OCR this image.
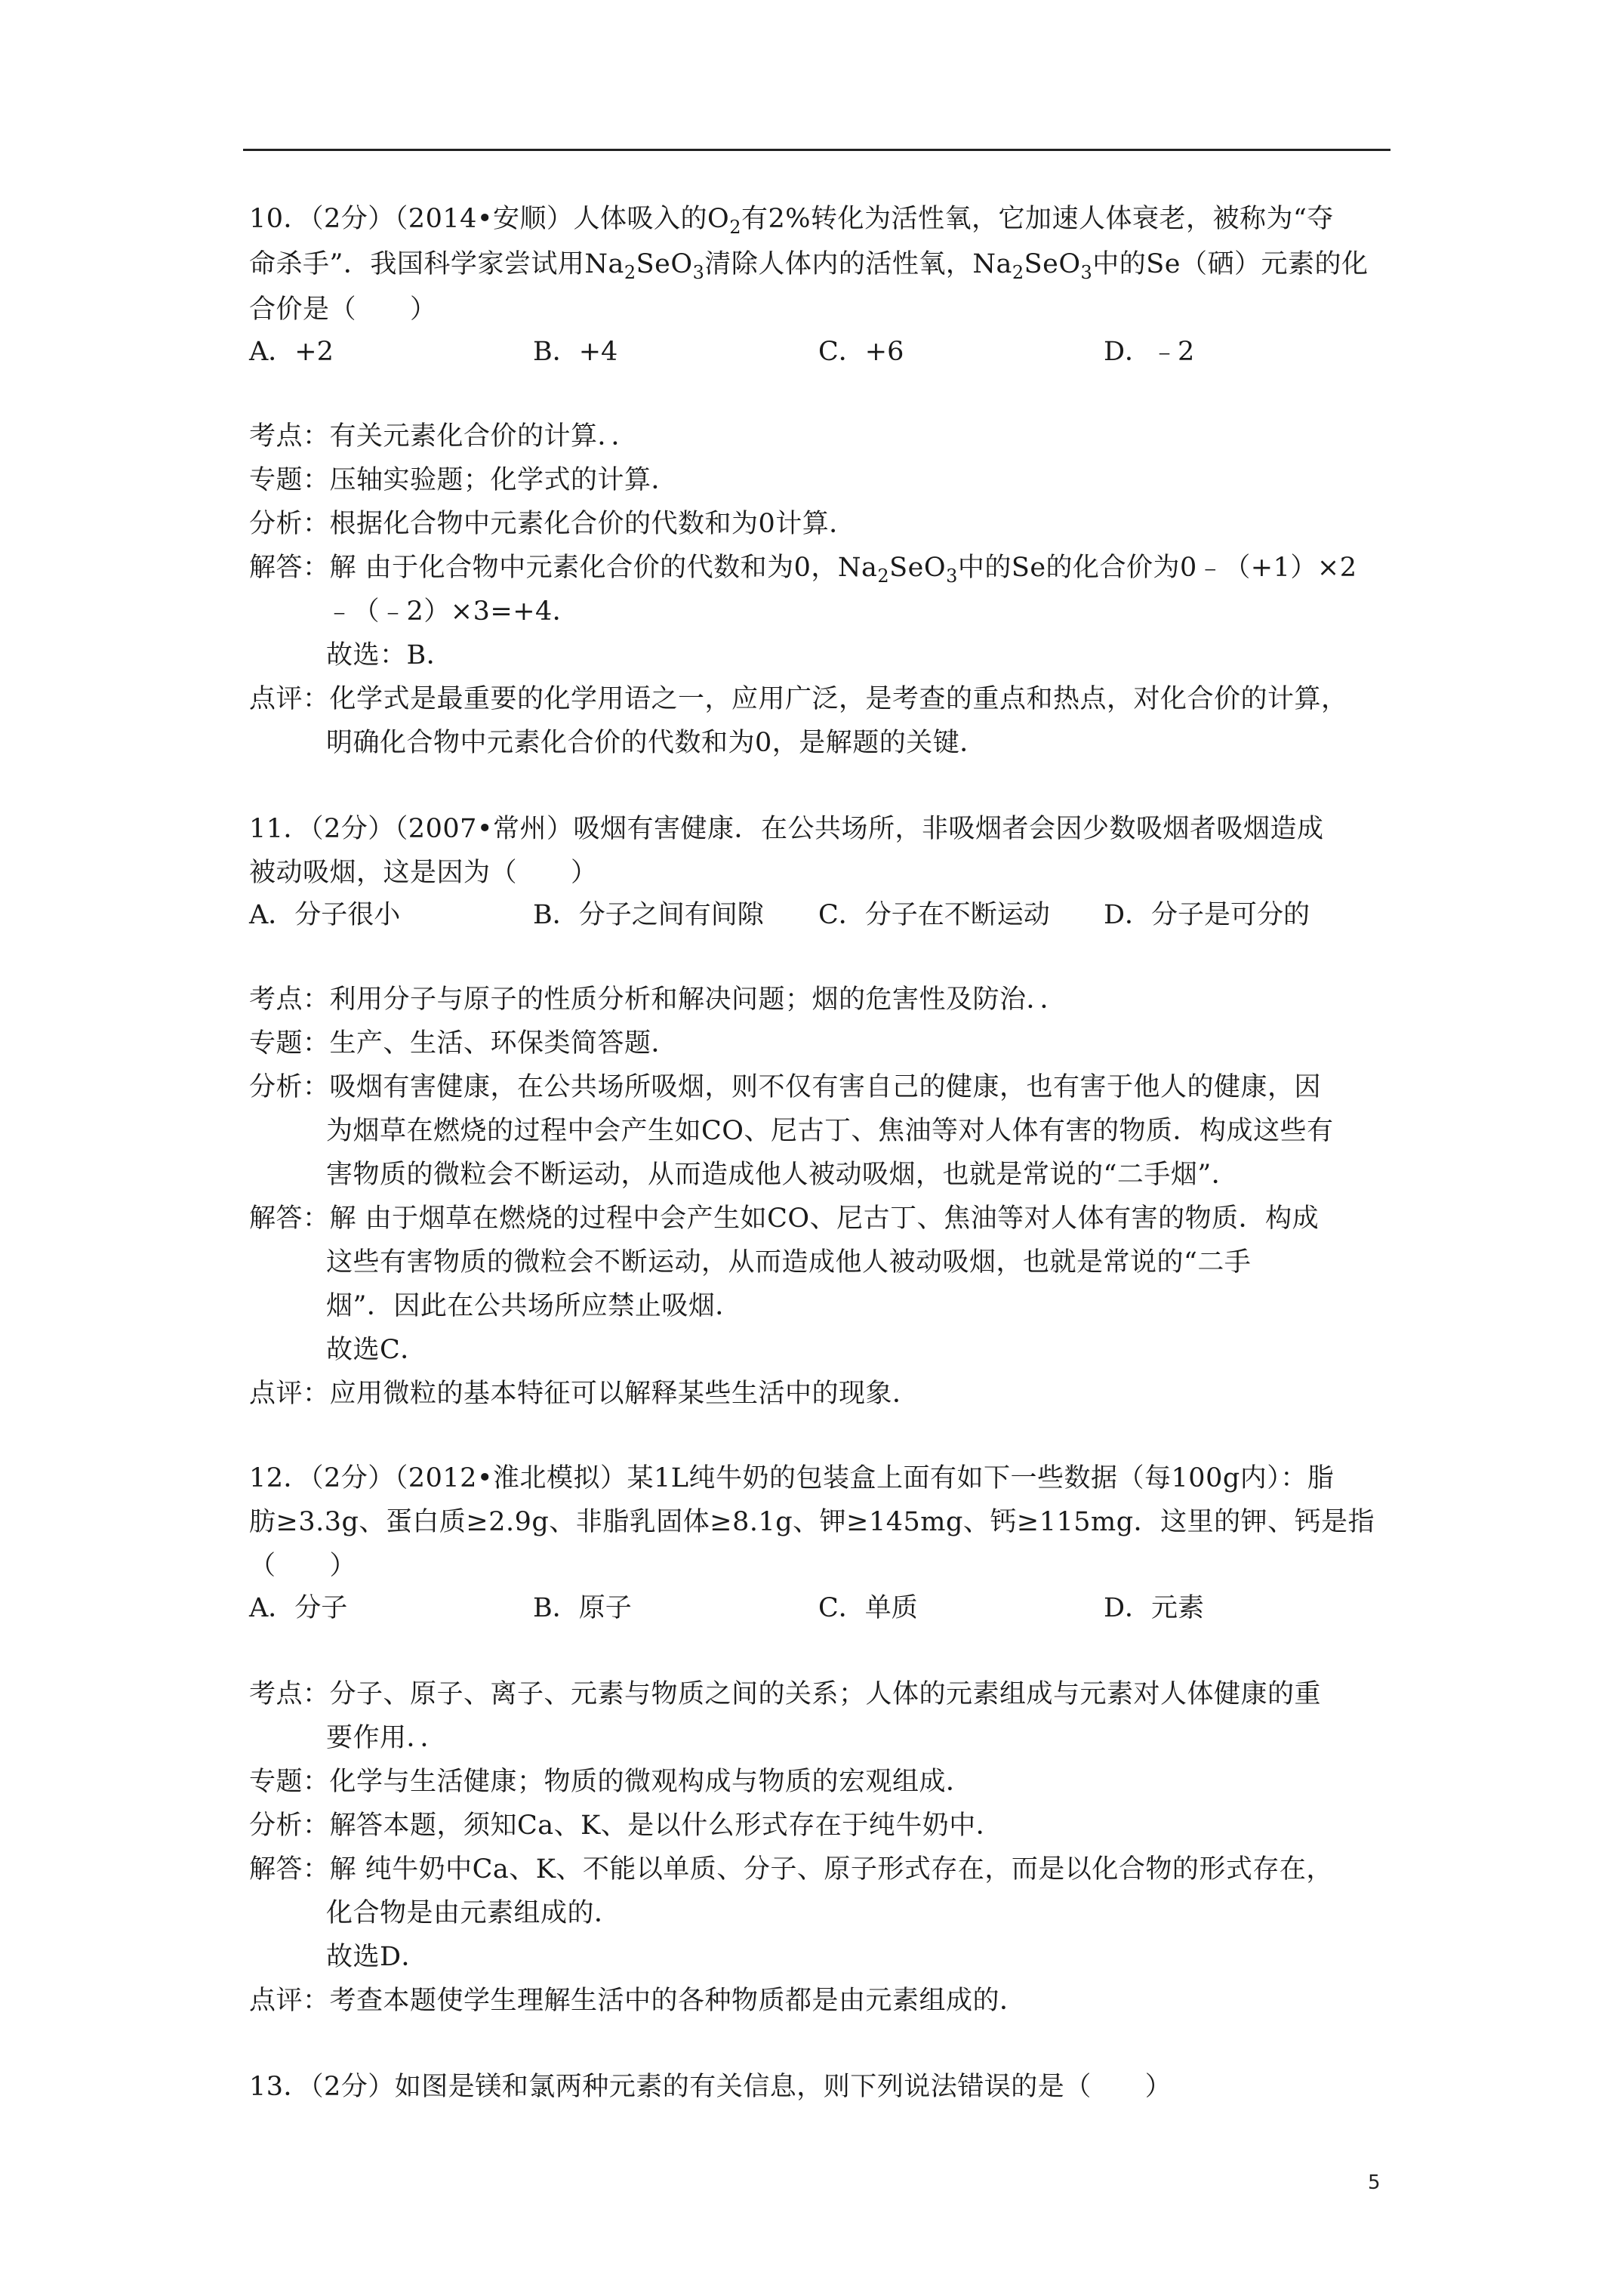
10．（2分）（2014•安顺）人体吸入的$O_2$有2%转化为活性氧，它加速人体衰老，被称为“夺
命杀手”．我国科学家尝试用$Na_2SeO_3$清除人体内的活性氧，$Na_2SeO_3$中的Se（硒）元素的化
合价是（　　）
A．+2	B．+4	C．+6	D．﹣2
考点：有关元素化合价的计算．．
专题：压轴实验题；化学式的计算．
分析：根据化合物中元素化合价的代数和为0计算．
解答：解 由于化合物中元素化合价的代数和为0，$Na_2SeO_3$中的Se的化合价为0﹣（+1）×2
﹣（﹣2）×3=+4．
故选：B．
点评：化学式是最重要的化学用语之一，应用广泛，是考查的重点和热点，对化合价的计算，
明确化合物中元素化合价的代数和为0，是解题的关键．
11．（2分）（2007•常州）吸烟有害健康．在公共场所，非吸烟者会因少数吸烟者吸烟造成
被动吸烟，这是因为（　　）
A．分子很小	B．分子之间有间隙 C．分子在不断运动 D．分子是可分的
考点：利用分子与原子的性质分析和解决问题；烟的危害性及防治．．
专题：生产、生活、环保类简答题．
分析：吸烟有害健康，在公共场所吸烟，则不仅有害自己的健康，也有害于他人的健康，因
为烟草在燃烧的过程中会产生如CO、尼古丁、焦油等对人体有害的物质．构成这些有
害物质的微粒会不断运动，从而造成他人被动吸烟，也就是常说的“二手烟”．
解答：解 由于烟草在燃烧的过程中会产生如CO、尼古丁、焦油等对人体有害的物质．构成
这些有害物质的微粒会不断运动，从而造成他人被动吸烟，也就是常说的“二手
烟”．因此在公共场所应禁止吸烟．
故选C．
点评：应用微粒的基本特征可以解释某些生活中的现象．
12．（2分）（2012•淮北模拟）某1L纯牛奶的包装盒上面有如下一些数据（每100g内）：脂
肪≥3.3g、蛋白质≥2.9g、非脂乳固体≥8.1g、钾≥145mg、钙≥115mg．这里的钾、钙是指
（　　）
A．分子	B．原子	C．单质	D．元素
考点：分子、原子、离子、元素与物质之间的关系；人体的元素组成与元素对人体健康的重
要作用．．
专题：化学与生活健康；物质的微观构成与物质的宏观组成．
分析：解答本题，须知Ca、K、是以什么形式存在于纯牛奶中．
解答：解 纯牛奶中Ca、K、不能以单质、分子、原子形式存在，而是以化合物的形式存在，
化合物是由元素组成的．
故选D．
点评：考查本题使学生理解生活中的各种物质都是由元素组成的．
13．（2分）如图是镁和氯两种元素的有关信息，则下列说法错误的是（　　）
5
